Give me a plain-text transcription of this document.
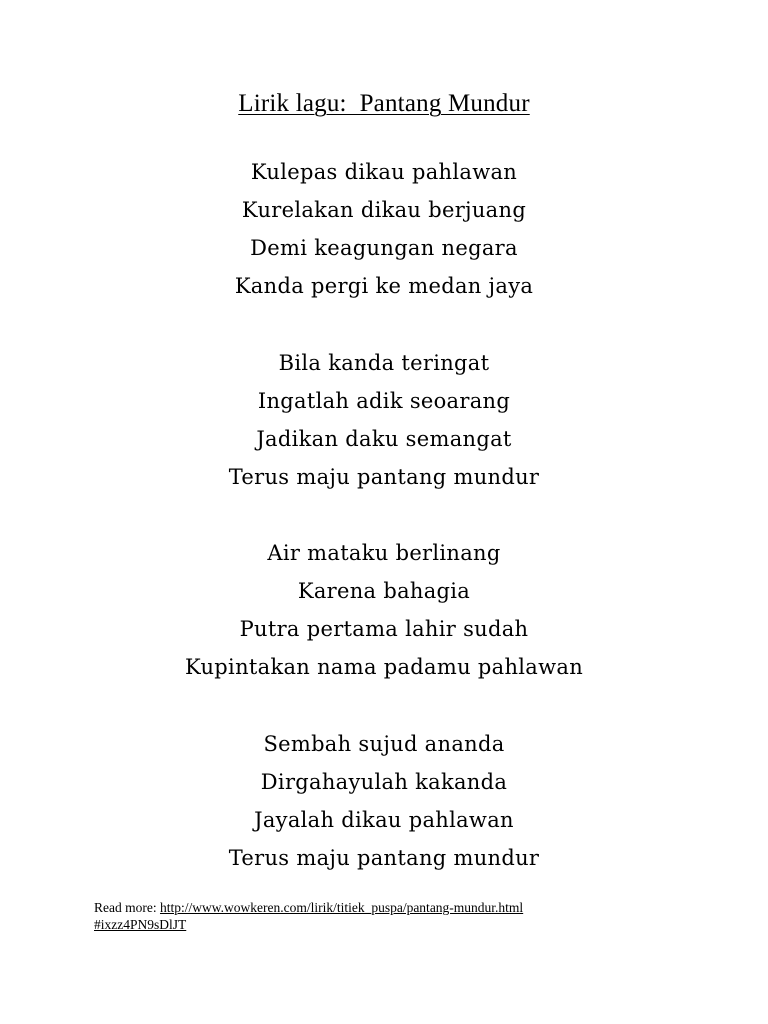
Lirik lagu:  Pantang Mundur
Kulepas dikau pahlawan
Kurelakan dikau berjuang
Demi keagungan negara
Kanda pergi ke medan jaya
Bila kanda teringat
Ingatlah adik seoarang
Jadikan daku semangat
Terus maju pantang mundur
Air mataku berlinang
Karena bahagia
Putra pertama lahir sudah
Kupintakan nama padamu pahlawan
Sembah sujud ananda
Dirgahayulah kakanda
Jayalah dikau pahlawan
Terus maju pantang mundur
Read more: http://www.wowkeren.com/lirik/titiek_puspa/pantang-mundur.html#ixzz4PN9sDlJT
